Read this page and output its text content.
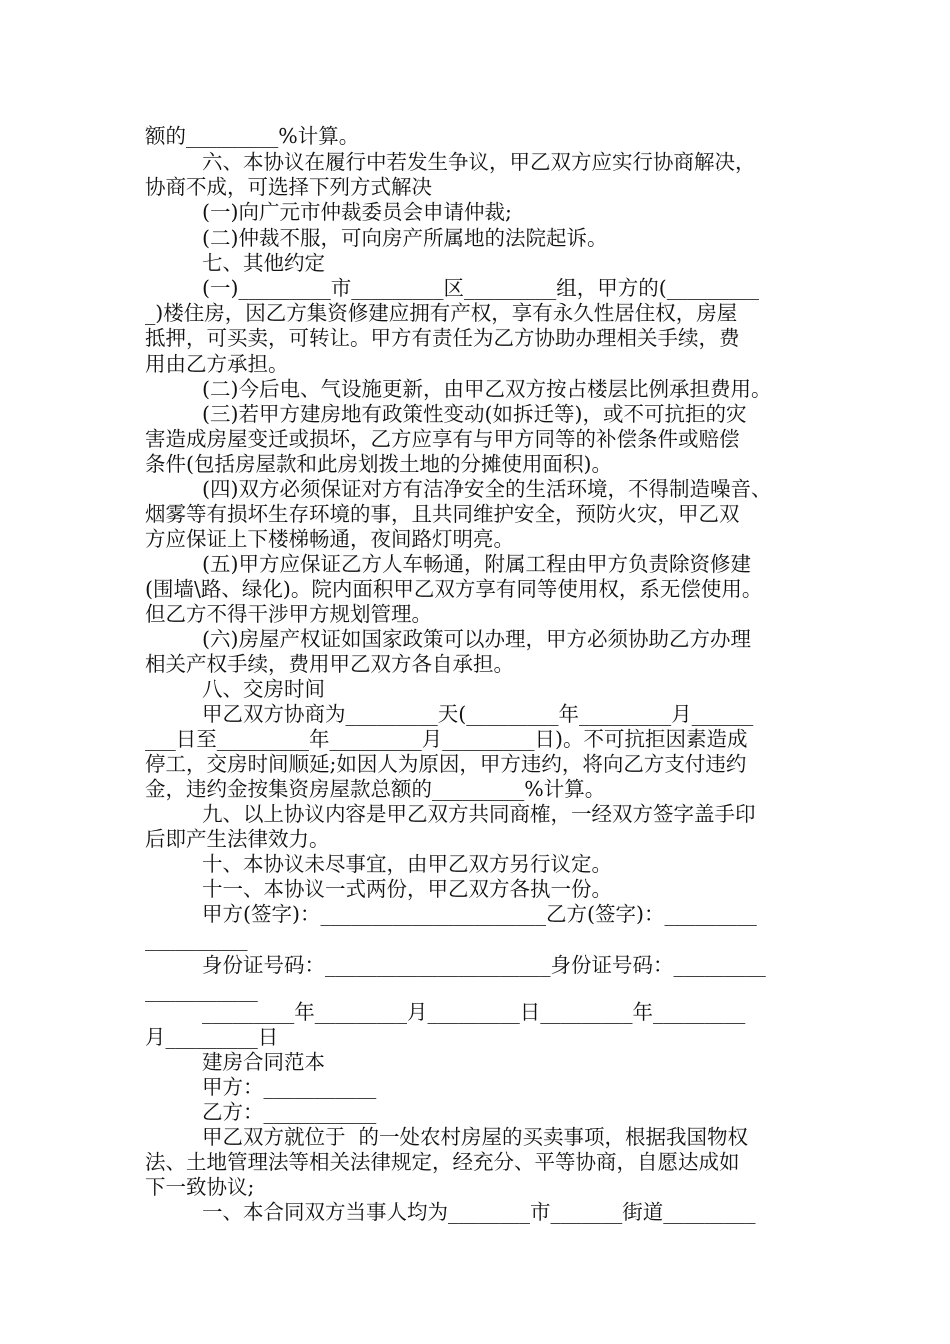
额的_________%计算。
六、本协议在履行中若发生争议，甲乙双方应实行协商解决，
协商不成，可选择下列方式解决
(一)向广元市仲裁委员会申请仲裁;
(二)仲裁不服，可向房产所属地的法院起诉。
七、其他约定
(一)_________市_________区_________组，甲方的(_________
_)楼住房，因乙方集资修建应拥有产权，享有永久性居住权，房屋
抵押，可买卖，可转让。甲方有责任为乙方协助办理相关手续，费
用由乙方承担。
(二)今后电、气设施更新，由甲乙双方按占楼层比例承担费用。
(三)若甲方建房地有政策性变动(如拆迁等)，或不可抗拒的灾
害造成房屋变迁或损坏，乙方应享有与甲方同等的补偿条件或赔偿
条件(包括房屋款和此房划拨土地的分摊使用面积)。
(四)双方必须保证对方有洁净安全的生活环境，不得制造噪音、
烟雾等有损坏生存环境的事，且共同维护安全，预防火灾，甲乙双
方应保证上下楼梯畅通，夜间路灯明亮。
(五)甲方应保证乙方人车畅通，附属工程由甲方负责除资修建
(围墙\路、绿化)。院内面积甲乙双方享有同等使用权，系无偿使用。
但乙方不得干涉甲方规划管理。
(六)房屋产权证如国家政策可以办理，甲方必须协助乙方办理
相关产权手续，费用甲乙双方各自承担。
八、交房时间
甲乙双方协商为_________天(_________年_________月______
___日至_________年_________月_________日)。不可抗拒因素造成
停工，交房时间顺延;如因人为原因，甲方违约，将向乙方支付违约
金，违约金按集资房屋款总额的_________%计算。
九、以上协议内容是甲乙双方共同商榷，一经双方签字盖手印
后即产生法律效力。
十、本协议未尽事宜，由甲乙双方另行议定。
十一、本协议一式两份，甲乙双方各执一份。
甲方(签字)：______________________乙方(签字)：_________
__________
身份证号码：______________________身份证号码：_________
___________
_________年_________月_________日_________年_________
月_________日
建房合同范本
甲方：___________
乙方：___________
甲乙双方就位于  的一处农村房屋的买卖事项，根据我国物权
法、土地管理法等相关法律规定，经充分、平等协商，自愿达成如
下一致协议;
一、本合同双方当事人均为________市_______街道_________
